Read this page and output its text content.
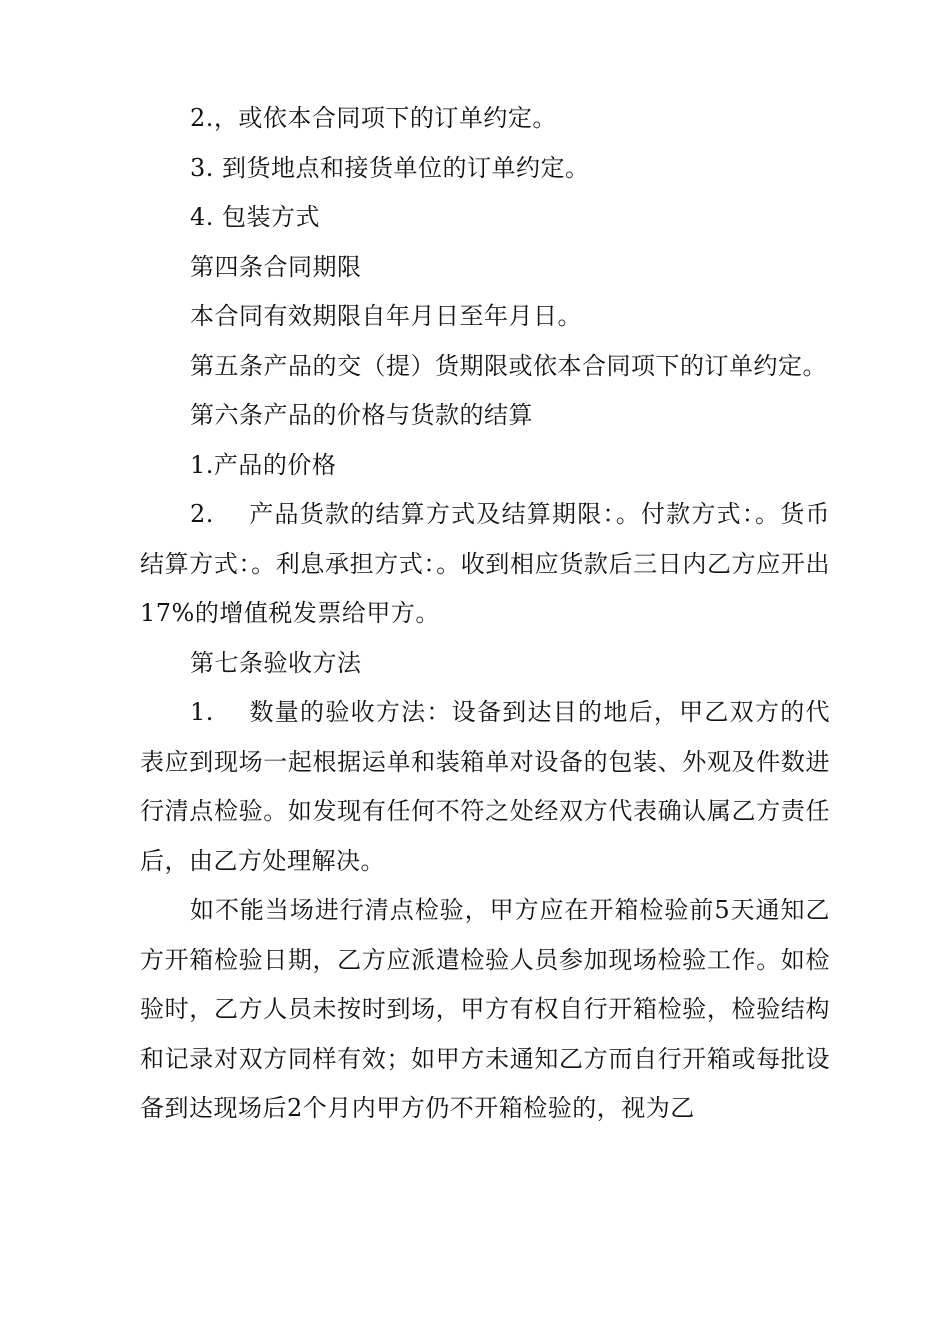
2.，或依本合同项下的订单约定。

3. 到货地点和接货单位的订单约定。

4. 包装方式

第四条合同期限

本合同有效期限自年月日至年月日。

第五条产品的交（提）货期限或依本合同项下的订单约定。

第六条产品的价格与货款的结算

1.产品的价格

2.    产品货款的结算方式及结算期限：。付款方式：。货币结算方式：。利息承担方式：。收到相应货款后三日内乙方应开出17%的增值税发票给甲方。

第七条验收方法

1.    数量的验收方法：设备到达目的地后，甲乙双方的代表应到现场一起根据运单和装箱单对设备的包装、外观及件数进行清点检验。如发现有任何不符之处经双方代表确认属乙方责任后，由乙方处理解决。

如不能当场进行清点检验，甲方应在开箱检验前5天通知乙方开箱检验日期，乙方应派遣检验人员参加现场检验工作。如检验时，乙方人员未按时到场，甲方有权自行开箱检验，检验结构和记录对双方同样有效；如甲方未通知乙方而自行开箱或每批设备到达现场后2个月内甲方仍不开箱检验的，视为乙
